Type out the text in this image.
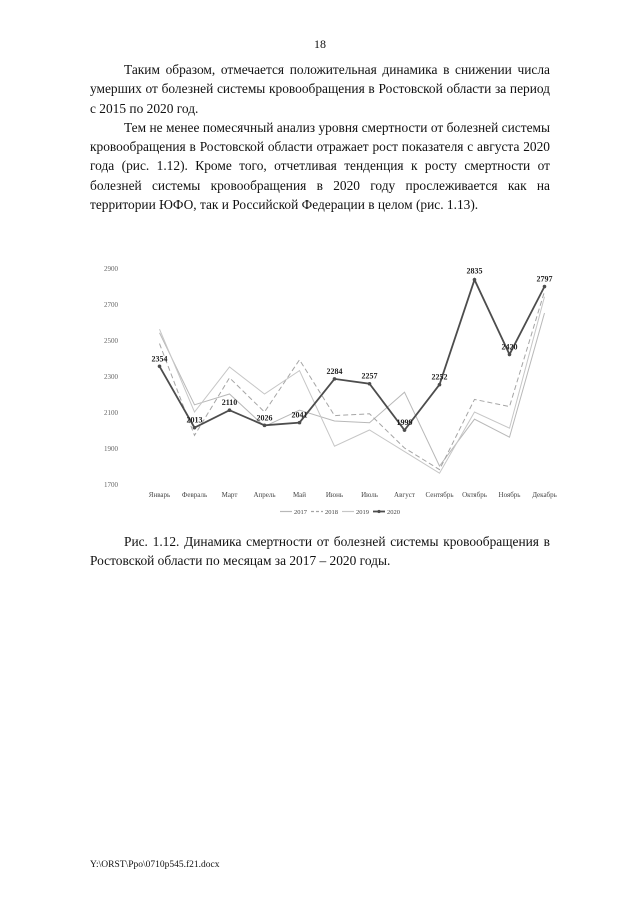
18

Таким образом, отмечается положительная динамика в снижении числа умерших от болезней системы кровообращения в Ростовской области за период с 2015 по 2020 год.

Тем не менее помесячный анализ уровня смертности от болезней системы кровообращения в Ростовской области отражает рост показателя с августа 2020 года (рис. 1.12). Кроме того, отчетливая тенденция к росту смертности от болезней системы кровообращения в 2020 году прослеживается как на территории ЮФО, так и Российской Федерации в целом (рис. 1.13).

2900
2700
2500
2300
2100
1900
1700
Январь Февраль Март Апрель Май	Июнь	Июль Август Сентябрь Октябрь Ноябрь Декабрь
2354
2013
2110
2026 2041
2284
2257
1999
2252
2835
2420
2797
2017	2018	2019	2020

Рис. 1.12. Динамика смертности от болезней системы кровообращения в Ростовской области по месяцам за 2017 – 2020 годы.

Y:\ORST\Ppo\0710p545.f21.docx
